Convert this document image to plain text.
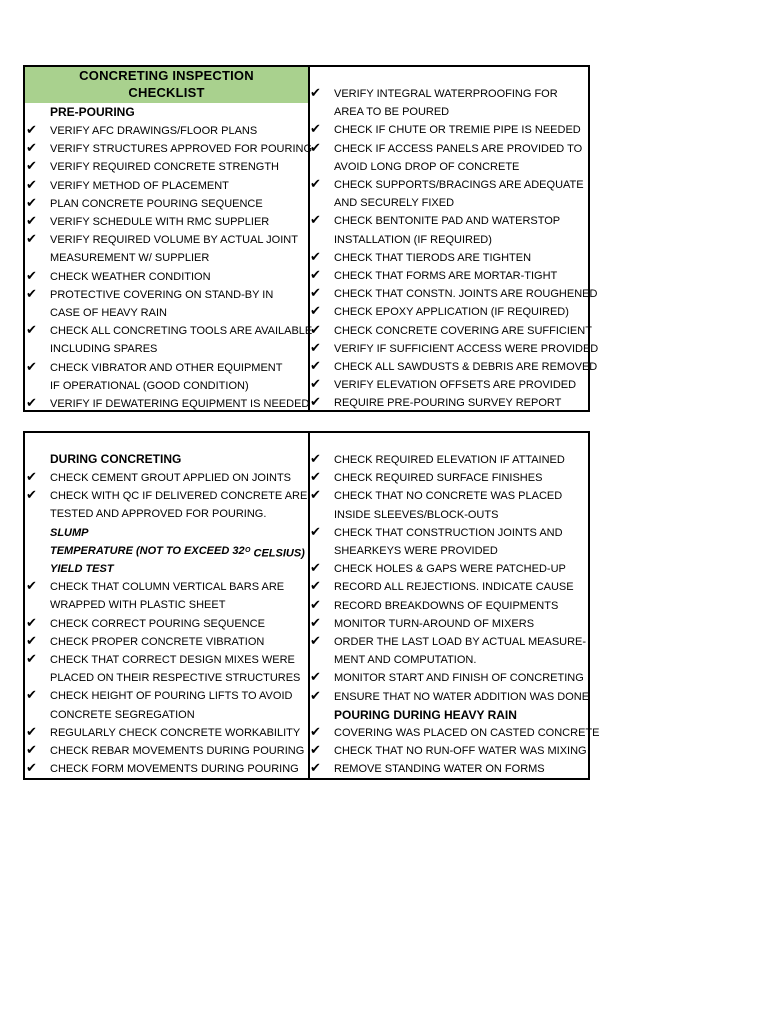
CONCRETING INSPECTION
CHECKLIST
PRE-POURING
✔ VERIFY AFC DRAWINGS/FLOOR PLANS
✔ VERIFY STRUCTURES APPROVED FOR POURING
✔ VERIFY REQUIRED CONCRETE STRENGTH
✔ VERIFY METHOD OF PLACEMENT
✔ PLAN CONCRETE POURING SEQUENCE
✔ VERIFY SCHEDULE WITH RMC SUPPLIER
✔ VERIFY REQUIRED VOLUME BY ACTUAL JOINT
MEASUREMENT W/ SUPPLIER
✔ CHECK WEATHER CONDITION
✔ PROTECTIVE COVERING ON STAND-BY IN
CASE OF HEAVY RAIN
✔ CHECK ALL CONCRETING TOOLS ARE AVAILABLE
INCLUDING SPARES
✔ CHECK VIBRATOR AND OTHER EQUIPMENT
IF OPERATIONAL (GOOD CONDITION)
✔ VERIFY IF DEWATERING EQUIPMENT IS NEEDED
✔ VERIFY INTEGRAL WATERPROOFING FOR
AREA TO BE POURED
✔ CHECK IF CHUTE OR TREMIE PIPE IS NEEDED
✔ CHECK IF ACCESS PANELS ARE PROVIDED TO
AVOID LONG DROP OF CONCRETE
✔ CHECK SUPPORTS/BRACINGS ARE ADEQUATE
AND SECURELY FIXED
✔ CHECK BENTONITE PAD AND WATERSTOP
INSTALLATION (IF REQUIRED)
✔ CHECK THAT TIERODS ARE TIGHTEN
✔ CHECK THAT FORMS ARE MORTAR-TIGHT
✔ CHECK THAT CONSTN. JOINTS ARE ROUGHENED
✔ CHECK EPOXY APPLICATION (IF REQUIRED)
✔ CHECK CONCRETE COVERING ARE SUFFICIENT
✔ VERIFY IF SUFFICIENT ACCESS WERE PROVIDED
✔ CHECK ALL SAWDUSTS & DEBRIS ARE REMOVED
✔ VERIFY ELEVATION OFFSETS ARE PROVIDED
✔ REQUIRE PRE-POURING SURVEY REPORT
DURING CONCRETING
✔ CHECK CEMENT GROUT APPLIED ON JOINTS
✔ CHECK WITH QC IF DELIVERED CONCRETE ARE
TESTED AND APPROVED FOR POURING.
SLUMP
TEMPERATURE (NOT TO EXCEED 32 $^O$ CELSIUS)
YIELD TEST
✔ CHECK THAT COLUMN VERTICAL BARS ARE
WRAPPED WITH PLASTIC SHEET
✔ CHECK CORRECT POURING SEQUENCE
✔ CHECK PROPER CONCRETE VIBRATION
✔ CHECK THAT CORRECT DESIGN MIXES WERE
PLACED ON THEIR RESPECTIVE STRUCTURES
✔ CHECK HEIGHT OF POURING LIFTS TO AVOID
CONCRETE SEGREGATION
✔ REGULARLY CHECK CONCRETE WORKABILITY
✔ CHECK REBAR MOVEMENTS DURING POURING
✔ CHECK FORM MOVEMENTS DURING POURING
✔ CHECK REQUIRED ELEVATION IF ATTAINED
✔ CHECK REQUIRED SURFACE FINISHES
✔ CHECK THAT NO CONCRETE WAS PLACED
INSIDE SLEEVES/BLOCK-OUTS
✔ CHECK THAT CONSTRUCTION JOINTS AND
SHEARKEYS WERE PROVIDED
✔ CHECK HOLES & GAPS WERE PATCHED-UP
✔ RECORD ALL REJECTIONS. INDICATE CAUSE
✔ RECORD BREAKDOWNS OF EQUIPMENTS
✔ MONITOR TURN-AROUND OF MIXERS
✔ ORDER THE LAST LOAD BY ACTUAL MEASURE-
MENT AND COMPUTATION.
✔ MONITOR START AND FINISH OF CONCRETING
✔ ENSURE THAT NO WATER ADDITION WAS DONE
POURING DURING HEAVY RAIN
✔ COVERING WAS PLACED ON CASTED CONCRETE
✔ CHECK THAT NO RUN-OFF WATER WAS MIXING
✔ REMOVE STANDING WATER ON FORMS
